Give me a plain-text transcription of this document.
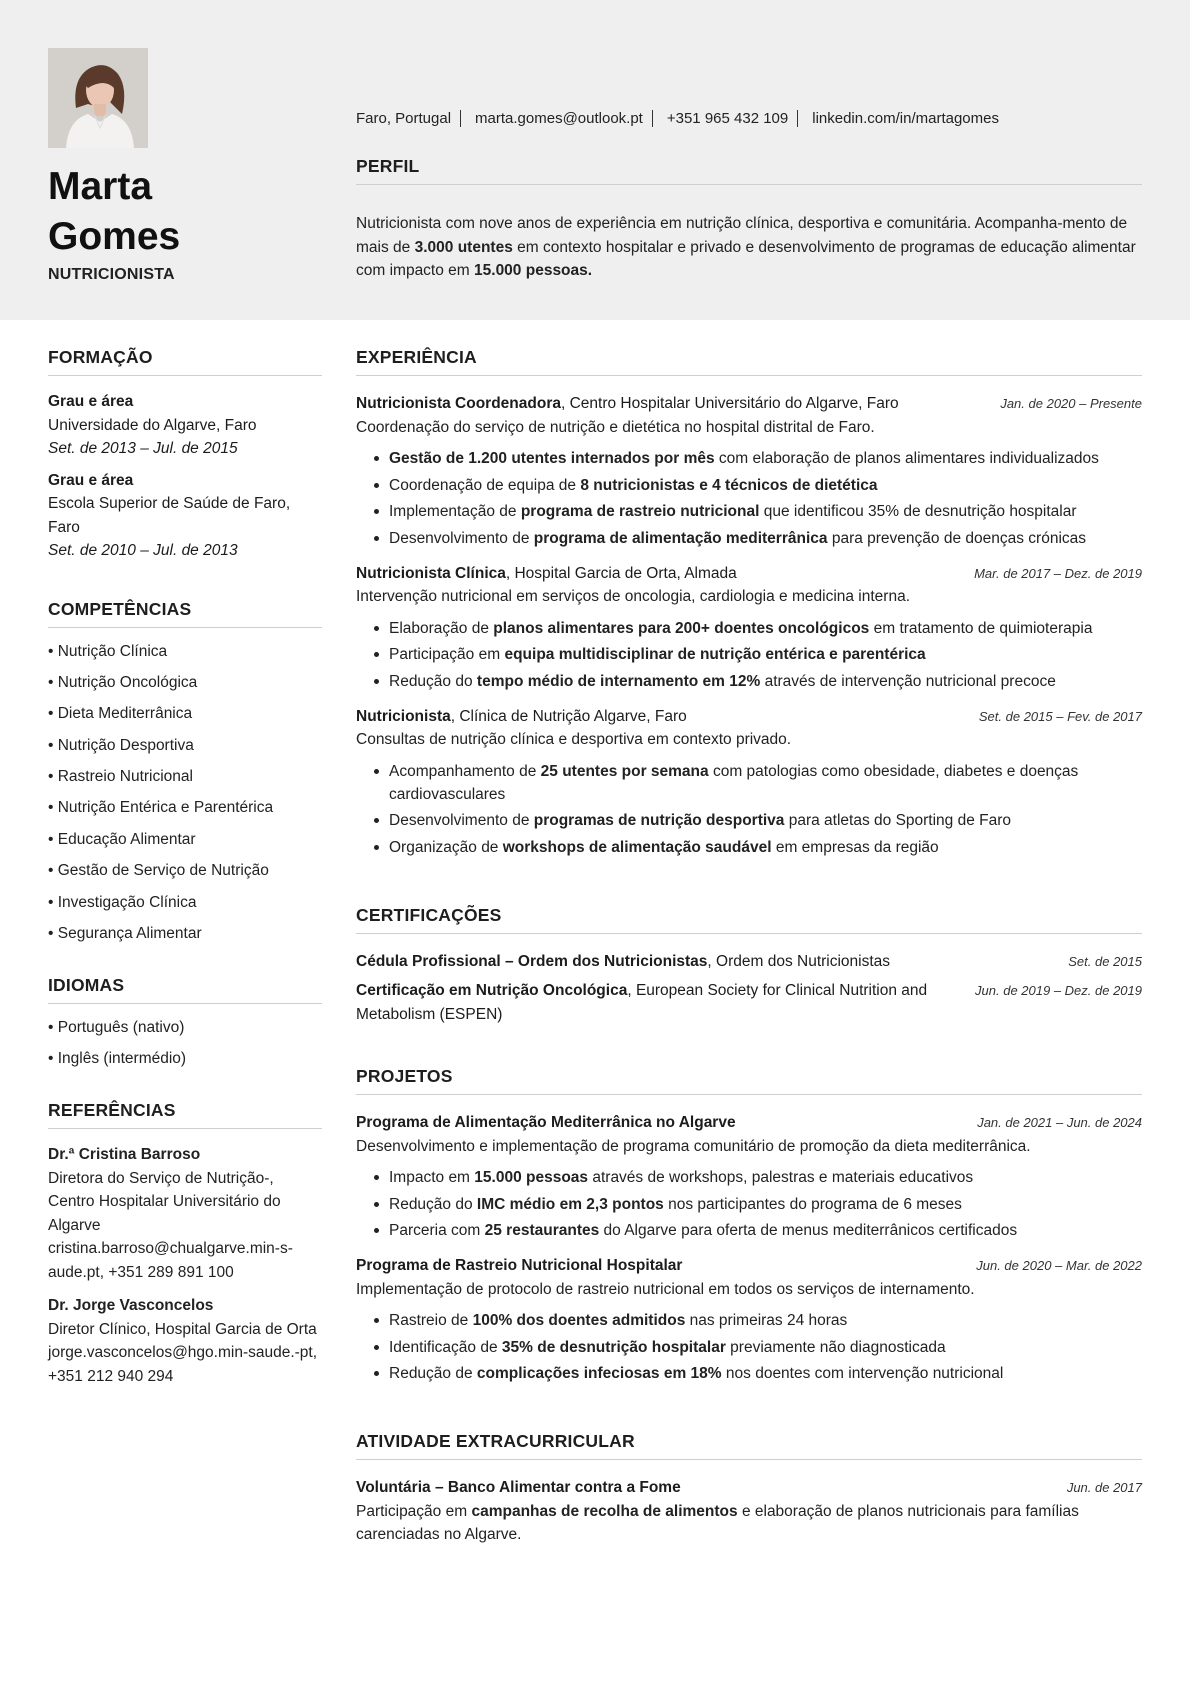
Marta
Gomes
NUTRICIONISTA
Faro, Portugal marta.gomes@outlook.pt +351 965 432 109 linkedin.com/in/martagomes
PERFIL
Nutricionista com nove anos de experiência em nutrição clínica, desportiva e comunitária. Acompanha-mento de mais de 3.000 utentes em contexto hospitalar e privado e desenvolvimento de programas de educação alimentar com impacto em 15.000 pessoas.
FORMAÇÃO
Grau e área
Universidade do Algarve, Faro
Set. de 2013 – Jul. de 2015
Grau e área
Escola Superior de Saúde de Faro, Faro
Set. de 2010 – Jul. de 2013
COMPETÊNCIAS
• Nutrição Clínica
• Nutrição Oncológica
• Dieta Mediterrânica
• Nutrição Desportiva
• Rastreio Nutricional
• Nutrição Entérica e Parentérica
• Educação Alimentar
• Gestão de Serviço de Nutrição
• Investigação Clínica
• Segurança Alimentar
IDIOMAS
• Português (nativo)
• Inglês (intermédio)
REFERÊNCIAS
Dr.ª Cristina Barroso
Diretora do Serviço de Nutrição-, Centro Hospitalar Universitário do Algarve
cristina.barroso@chualgarve.min-s-aude.pt, +351 289 891 100
Dr. Jorge Vasconcelos
Diretor Clínico, Hospital Garcia de Orta
jorge.vasconcelos@hgo.min-saude.-pt, +351 212 940 294
EXPERIÊNCIA
Nutricionista Coordenadora, Centro Hospitalar Universitário do Algarve, Faro	Jan. de 2020 – Presente
Coordenação do serviço de nutrição e dietética no hospital distrital de Faro.
Gestão de 1.200 utentes internados por mês com elaboração de planos alimentares individualizados
Coordenação de equipa de 8 nutricionistas e 4 técnicos de dietética
Implementação de programa de rastreio nutricional que identificou 35% de desnutrição hospitalar
Desenvolvimento de programa de alimentação mediterrânica para prevenção de doenças crónicas
Nutricionista Clínica, Hospital Garcia de Orta, Almada	Mar. de 2017 – Dez. de 2019
Intervenção nutricional em serviços de oncologia, cardiologia e medicina interna.
Elaboração de planos alimentares para 200+ doentes oncológicos em tratamento de quimioterapia
Participação em equipa multidisciplinar de nutrição entérica e parentérica
Redução do tempo médio de internamento em 12% através de intervenção nutricional precoce
Nutricionista, Clínica de Nutrição Algarve, Faro	Set. de 2015 – Fev. de 2017
Consultas de nutrição clínica e desportiva em contexto privado.
Acompanhamento de 25 utentes por semana com patologias como obesidade, diabetes e doenças cardiovasculares
Desenvolvimento de programas de nutrição desportiva para atletas do Sporting de Faro
Organização de workshops de alimentação saudável em empresas da região
CERTIFICAÇÕES
Cédula Profissional – Ordem dos Nutricionistas, Ordem dos Nutricionistas	Set. de 2015
Certificação em Nutrição Oncológica, European Society for Clinical Nutrition and Metabolism (ESPEN)
Jun. de 2019 – Dez. de 2019
PROJETOS
Programa de Alimentação Mediterrânica no Algarve	Jan. de 2021 – Jun. de 2024
Desenvolvimento e implementação de programa comunitário de promoção da dieta mediterrânica.
Impacto em 15.000 pessoas através de workshops, palestras e materiais educativos
Redução do IMC médio em 2,3 pontos nos participantes do programa de 6 meses
Parceria com 25 restaurantes do Algarve para oferta de menus mediterrânicos certificados
Programa de Rastreio Nutricional Hospitalar	Jun. de 2020 – Mar. de 2022
Implementação de protocolo de rastreio nutricional em todos os serviços de internamento.
Rastreio de 100% dos doentes admitidos nas primeiras 24 horas
Identificação de 35% de desnutrição hospitalar previamente não diagnosticada
Redução de complicações infeciosas em 18% nos doentes com intervenção nutricional
ATIVIDADE EXTRACURRICULAR
Voluntária – Banco Alimentar contra a Fome	Jun. de 2017
Participação em campanhas de recolha de alimentos e elaboração de planos nutricionais para famílias carenciadas no Algarve.
